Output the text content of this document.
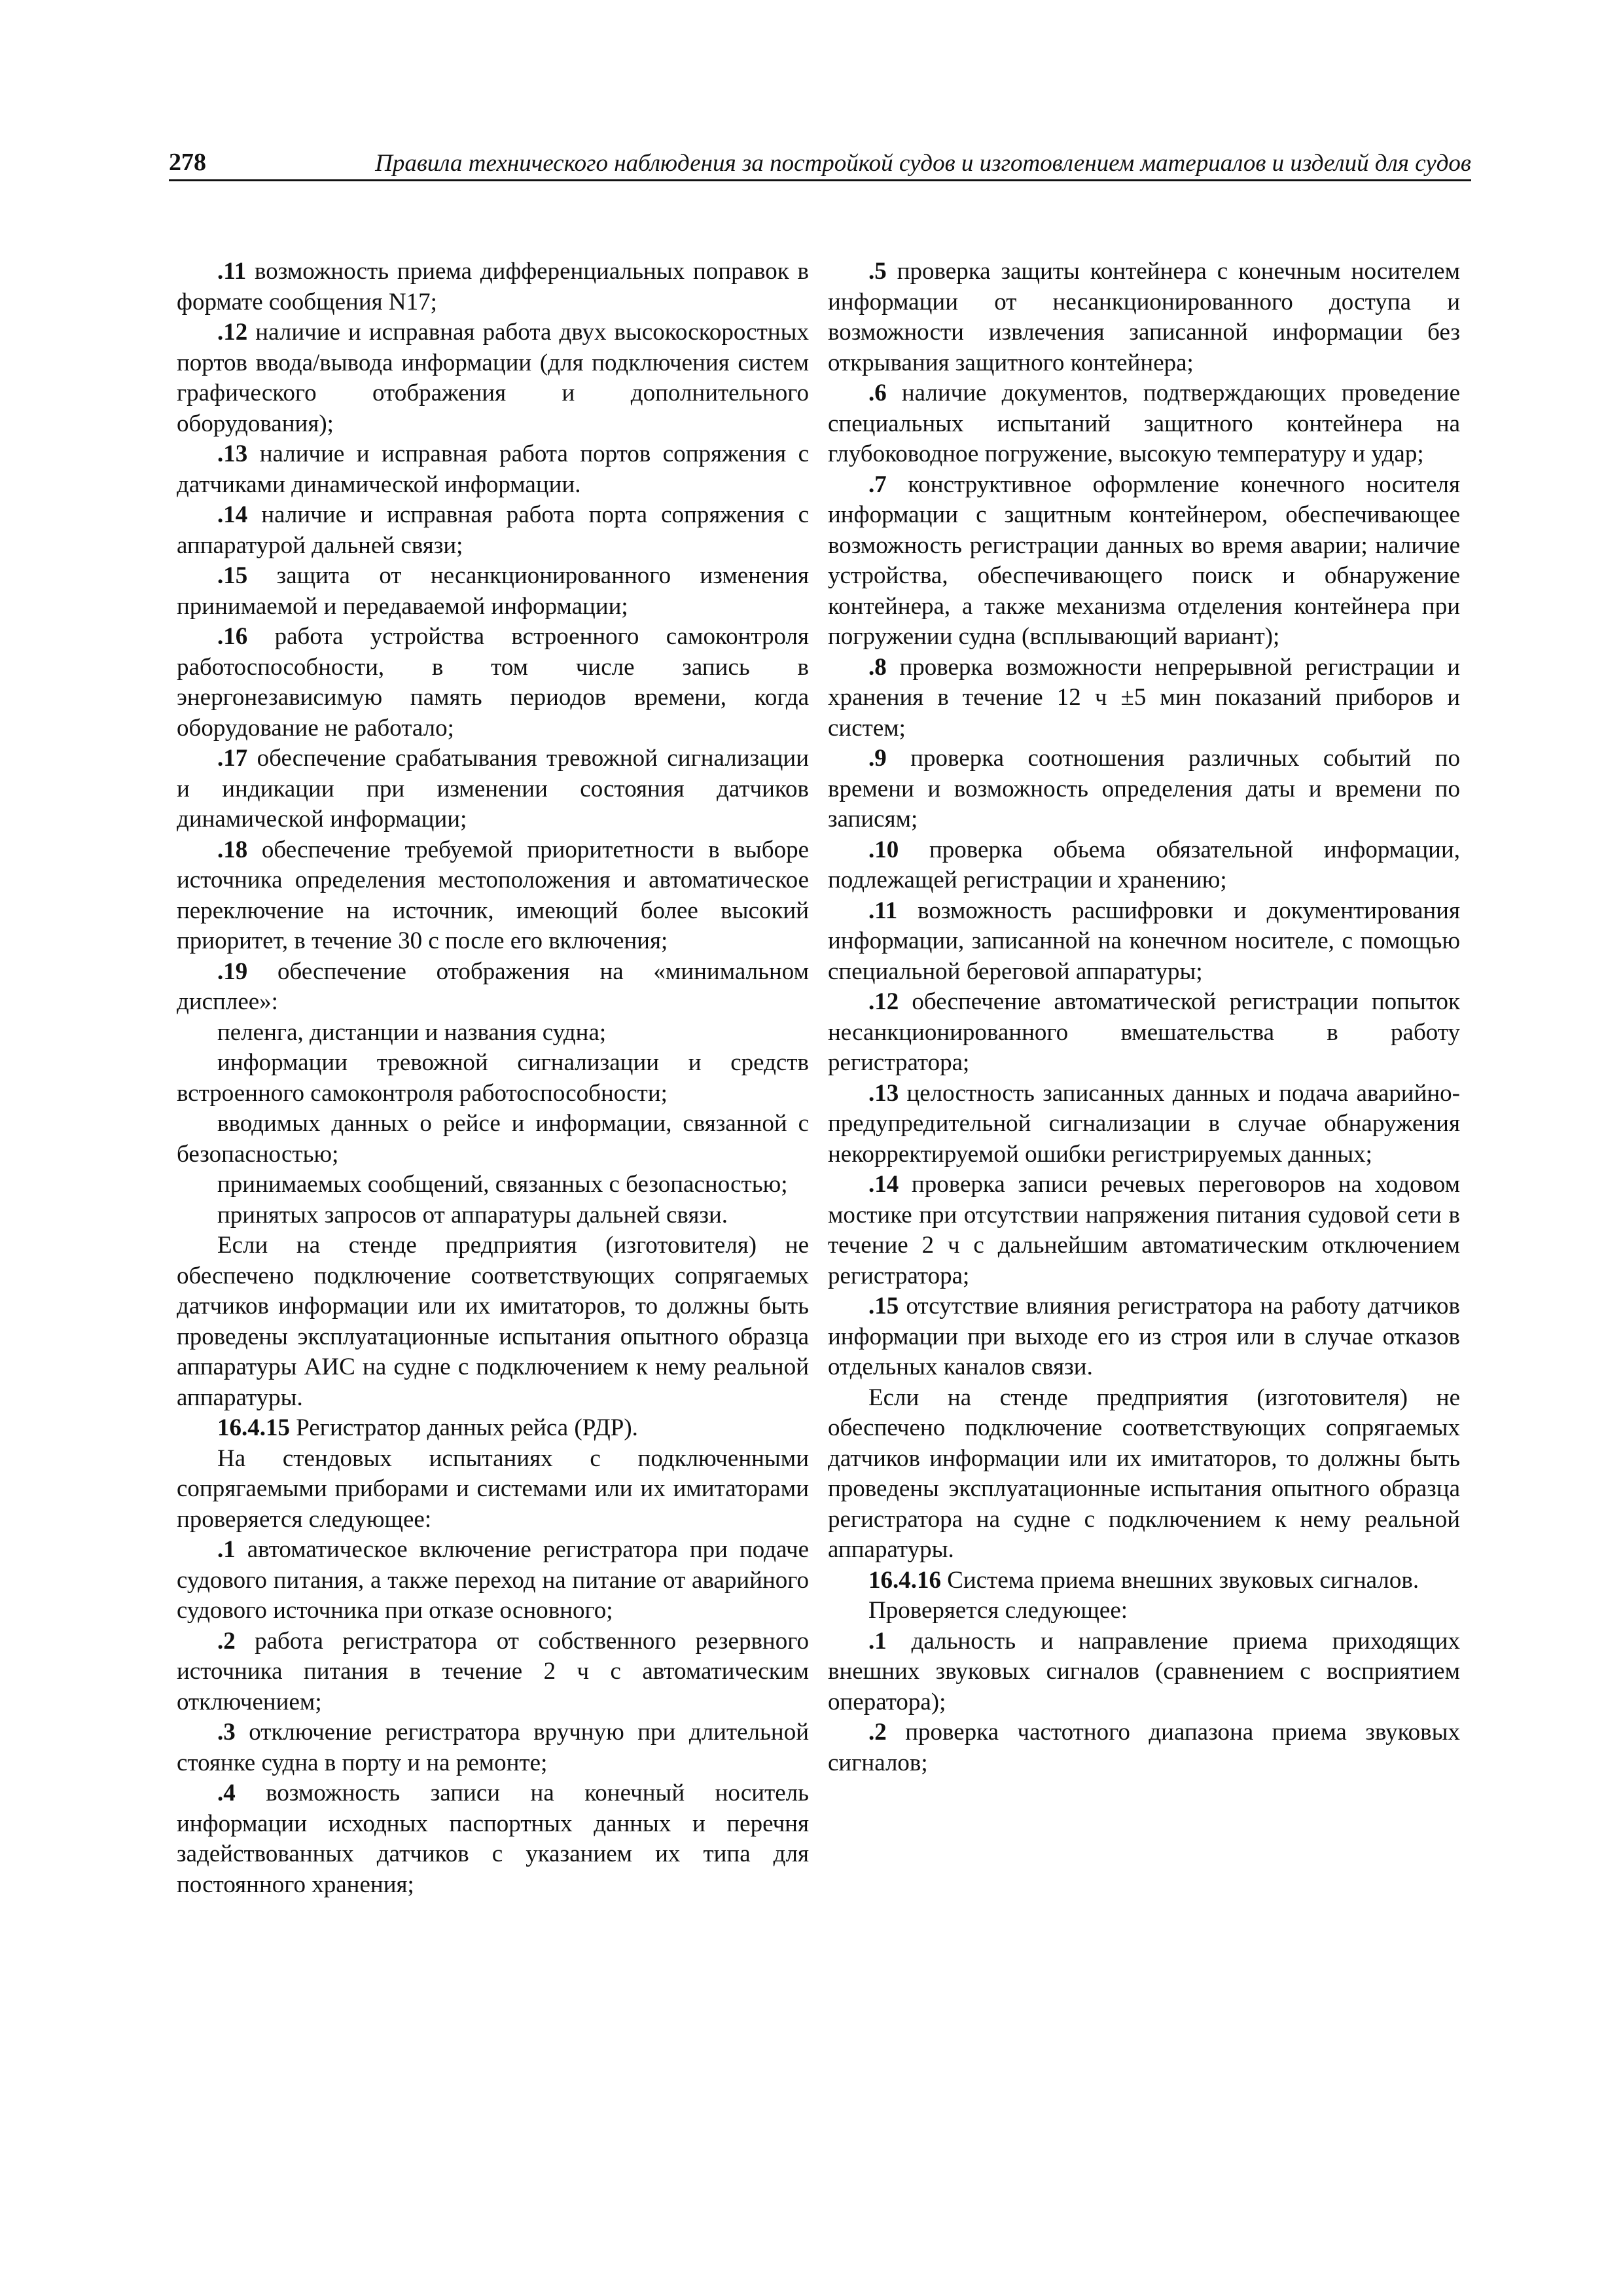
278	Правила технического наблюдения за постройкой судов и изготовлением материалов и изделий для судов

.11 возможность приема дифференциальных поправок в формате сообщения N17;

.12 наличие и исправная работа двух высокоскоростных портов ввода/вывода информации (для подключения систем графического отображения и дополнительного оборудования);

.13 наличие и исправная работа портов сопряжения с датчиками динамической информации.

.14 наличие и исправная работа порта сопряжения с аппаратурой дальней связи;

.15 защита от несанкционированного изменения принимаемой и передаваемой информации;

.16 работа устройства встроенного самоконтроля работоспособности, в том числе запись в энергонезависимую память периодов времени, когда оборудование не работало;

.17 обеспечение срабатывания тревожной сигнализации и индикации при изменении состояния датчиков динамической информации;

.18 обеспечение требуемой приоритетности в выборе источника определения местоположения и автоматическое переключение на источник, имеющий более высокий приоритет, в течение 30 с после его включения;

.19 обеспечение отображения на «минимальном дисплее»:

пеленга, дистанции и названия судна;

информации тревожной сигнализации и средств встроенного самоконтроля работоспособности;

вводимых данных о рейсе и информации, связанной с безопасностью;

принимаемых сообщений, связанных с безопасностью;

принятых запросов от аппаратуры дальней связи.

Если на стенде предприятия (изготовителя) не обеспечено подключение соответствующих сопрягаемых датчиков информации или их имитаторов, то должны быть проведены эксплуатационные испытания опытного образца аппаратуры АИС на судне с подключением к нему реальной аппаратуры.

16.4.15 Регистратор данных рейса (РДР).

На стендовых испытаниях с подключенными сопрягаемыми приборами и системами или их имитаторами проверяется следующее:

.1 автоматическое включение регистратора при подаче судового питания, а также переход на питание от аварийного судового источника при отказе основного;

.2 работа регистратора от собственного резервного источника питания в течение 2 ч с автоматическим отключением;

.3 отключение регистратора вручную при длительной стоянке судна в порту и на ремонте;

.4 возможность записи на конечный носитель информации исходных паспортных данных и перечня задействованных датчиков с указанием их типа для постоянного хранения;

.5 проверка защиты контейнера с конечным носителем информации от несанкционированного доступа и возможности извлечения записанной информации без открывания защитного контейнера;

.6 наличие документов, подтверждающих проведение специальных испытаний защитного контейнера на глубоководное погружение, высокую температуру и удар;

.7 конструктивное оформление конечного носителя информации с защитным контейнером, обеспечивающее возможность регистрации данных во время аварии; наличие устройства, обеспечивающего поиск и обнаружение контейнера, а также механизма отделения контейнера при погружении судна (всплывающий вариант);

.8 проверка возможности непрерывной регистрации и хранения в течение 12 ч ±5 мин показаний приборов и систем;

.9 проверка соотношения различных событий по времени и возможность определения даты и времени по записям;

.10 проверка обьема обязательной информации, подлежащей регистрации и хранению;

.11 возможность расшифровки и документирования информации, записанной на конечном носителе, с помощью специальной береговой аппаратуры;

.12 обеспечение автоматической регистрации попыток несанкционированного вмешательства в работу регистратора;

.13 целостность записанных данных и подача аварийно-предупредительной сигнализации в случае обнаружения некорректируемой ошибки регистрируемых данных;

.14 проверка записи речевых переговоров на ходовом мостике при отсутствии напряжения питания судовой сети в течение 2 ч с дальнейшим автоматическим отключением регистратора;

.15 отсутствие влияния регистратора на работу датчиков информации при выходе его из строя или в случае отказов отдельных каналов связи.

Если на стенде предприятия (изготовителя) не обеспечено подключение соответствующих сопрягаемых датчиков информации или их имитаторов, то должны быть проведены эксплуатационные испытания опытного образца регистратора на судне с подключением к нему реальной аппаратуры.

16.4.16 Система приема внешних звуковых сигналов.

Проверяется следующее:

.1 дальность и направление приема приходящих внешних звуковых сигналов (сравнением с восприятием оператора);

.2 проверка частотного диапазона приема звуковых сигналов;
